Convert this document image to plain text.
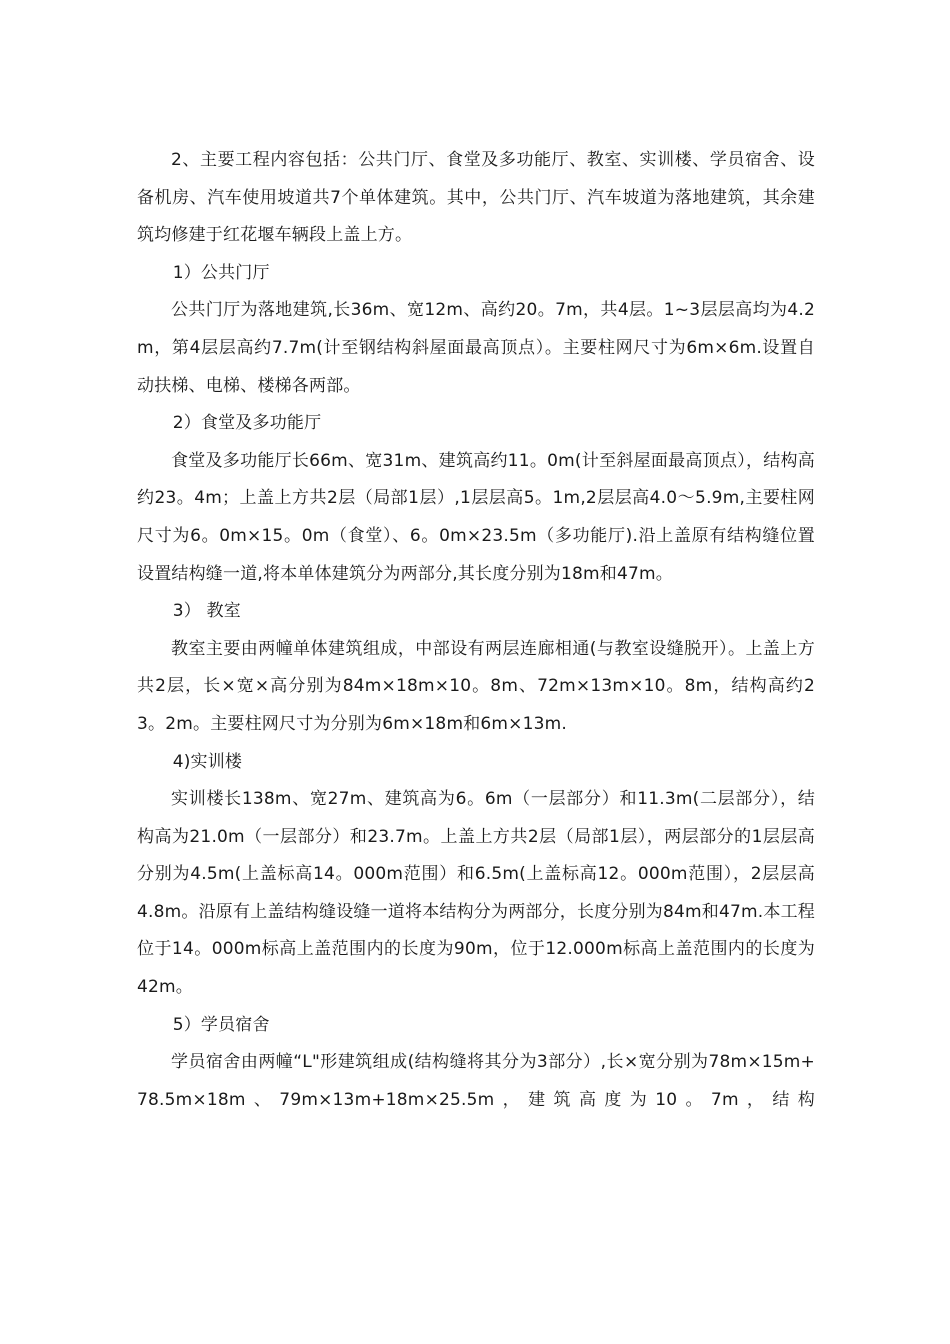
2、主要工程内容包括：公共门厅、食堂及多功能厅、教室、实训楼、学员宿舍、设备机房、汽车使用坡道共7个单体建筑。其中，公共门厅、汽车坡道为落地建筑，其余建筑均修建于红花堰车辆段上盖上方。

1）公共门厅

公共门厅为落地建筑,长36m、宽12m、高约20。7m，共4层。1~3层层高均为4.2m，第4层层高约7.7m(计至钢结构斜屋面最高顶点）。主要柱网尺寸为6m×6m.设置自动扶梯、电梯、楼梯各两部。

2）食堂及多功能厅

食堂及多功能厅长66m、宽31m、建筑高约11。0m(计至斜屋面最高顶点），结构高约23。4m；上盖上方共2层（局部1层）,1层层高5。1m,2层层高4.0～5.9m,主要柱网尺寸为6。0m×15。0m（食堂）、6。0m×23.5m（多功能厅).沿上盖原有结构缝位置设置结构缝一道,将本单体建筑分为两部分,其长度分别为18m和47m。

3） 教室

教室主要由两幢单体建筑组成，中部设有两层连廊相通(与教室设缝脱开）。上盖上方共2层，长×宽×高分别为84m×18m×10。8m、72m×13m×10。8m，结构高约23。2m。主要柱网尺寸为分别为6m×18m和6m×13m.

4)实训楼

实训楼长138m、宽27m、建筑高为6。6m（一层部分）和11.3m(二层部分），结构高为21.0m（一层部分）和23.7m。上盖上方共2层（局部1层），两层部分的1层层高分别为4.5m(上盖标高14。000m范围）和6.5m(上盖标高12。000m范围），2层层高4.8m。沿原有上盖结构缝设缝一道将本结构分为两部分，长度分别为84m和47m.本工程位于14。000m标高上盖范围内的长度为90m，位于12.000m标高上盖范围内的长度为42m。

5）学员宿舍

学员宿舍由两幢“L"形建筑组成(结构缝将其分为3部分）,长×宽分别为78m×15m+78.5m×18m、79m×13m+18m×25.5m，建筑高度为10。7m，结构
